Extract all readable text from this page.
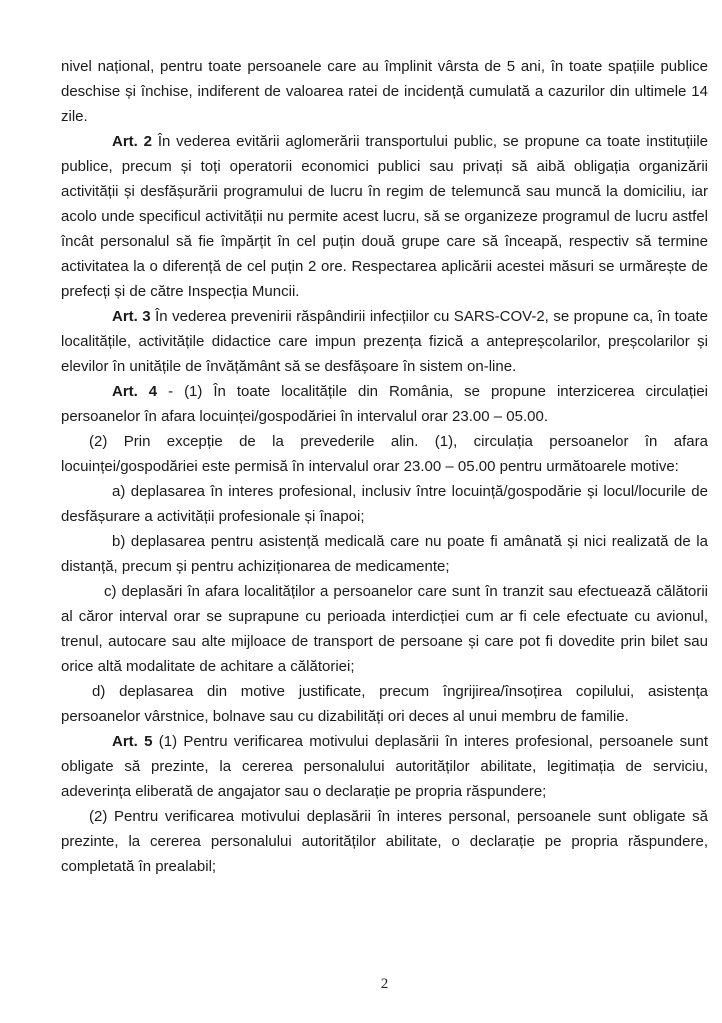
nivel național, pentru toate persoanele care au împlinit vârsta de 5 ani, în toate spațiile publice deschise și închise, indiferent de valoarea ratei de incidență cumulată a cazurilor din ultimele 14 zile.

Art. 2 În vederea evitării aglomerării transportului public, se propune ca toate instituțiile publice, precum și toți operatorii economici publici sau privați să aibă obligația organizării activității și desfășurării programului de lucru în regim de telemuncă sau muncă la domiciliu, iar acolo unde specificul activității nu permite acest lucru, să se organizeze programul de lucru astfel încât personalul să fie împărțit în cel puțin două grupe care să înceapă, respectiv să termine activitatea la o diferență de cel puțin 2 ore. Respectarea aplicării acestei măsuri se urmărește de prefecți și de către Inspecția Muncii.

Art. 3 În vederea prevenirii răspândirii infecțiilor cu SARS-COV-2, se propune ca, în toate localitățile, activitățile didactice care impun prezența fizică a antepreșcolarilor, preșcolarilor și elevilor în unitățile de învățământ să se desfășoare în sistem on-line.

Art. 4 - (1) În toate localitățile din România, se propune interzicerea circulației persoanelor în afara locuinței/gospodăriei în intervalul orar 23.00 – 05.00.

(2) Prin excepție de la prevederile alin. (1), circulația persoanelor în afara locuinței/gospodăriei este permisă în intervalul orar 23.00 – 05.00 pentru următoarele motive:

a) deplasarea în interes profesional, inclusiv între locuință/gospodărie și locul/locurile de desfășurare a activității profesionale și înapoi;

b) deplasarea pentru asistență medicală care nu poate fi amânată și nici realizată de la distanță, precum și pentru achiziționarea de medicamente;

c) deplasări în afara localităților a persoanelor care sunt în tranzit sau efectuează călătorii al căror interval orar se suprapune cu perioada interdicției cum ar fi cele efectuate cu avionul, trenul, autocare sau alte mijloace de transport de persoane și care pot fi dovedite prin bilet sau orice altă modalitate de achitare a călătoriei;

d) deplasarea din motive justificate, precum îngrijirea/însoțirea copilului, asistența persoanelor vârstnice, bolnave sau cu dizabilități ori deces al unui membru de familie.

Art. 5 (1) Pentru verificarea motivului deplasării în interes profesional, persoanele sunt obligate să prezinte, la cererea personalului autorităților abilitate, legitimația de serviciu, adeverința eliberată de angajator sau o declarație pe propria răspundere;

(2) Pentru verificarea motivului deplasării în interes personal, persoanele sunt obligate să prezinte, la cererea personalului autorităților abilitate, o declarație pe propria răspundere, completată în prealabil;

2
